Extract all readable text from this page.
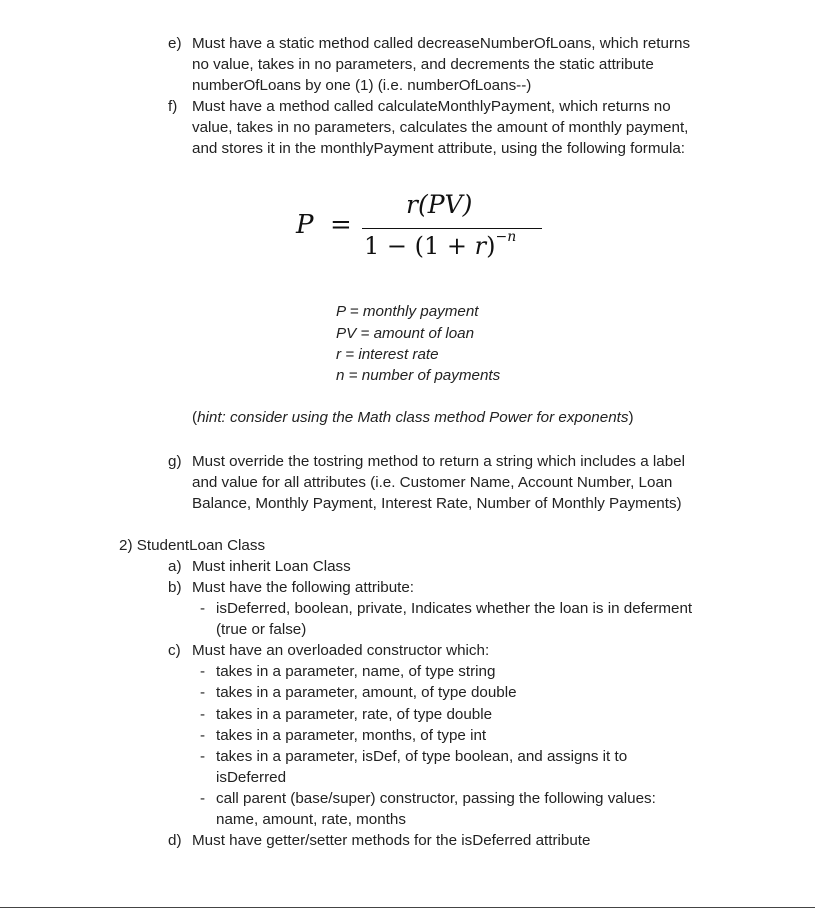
e) Must have a static method called decreaseNumberOfLoans, which returns
no value, takes in no parameters, and decrements the static attribute
numberOfLoans by one (1) (i.e. numberOfLoans--)
f) Must have a method called calculateMonthlyPayment, which returns no
value, takes in no parameters, calculates the amount of monthly payment,
and stores it in the monthlyPayment attribute, using the following formula:
P =
r(PV)
$1 - (1 + r)^{-n}$
P = monthly payment
PV = amount of loan
r = interest rate
n = number of payments
(hint: consider using the Math class method Power for exponents)
g) Must override the tostring method to return a string which includes a label
and value for all attributes (i.e. Customer Name, Account Number, Loan
Balance, Monthly Payment, Interest Rate, Number of Monthly Payments)
2) StudentLoan Class
a) Must inherit Loan Class
b) Must have the following attribute:
- isDeferred, boolean, private, Indicates whether the loan is in deferment
(true or false)
c) Must have an overloaded constructor which:
- takes in a parameter, name, of type string
- takes in a parameter, amount, of type double
- takes in a parameter, rate, of type double
- takes in a parameter, months, of type int
- takes in a parameter, isDef, of type boolean, and assigns it to
isDeferred
- call parent (base/super) constructor, passing the following values:
name, amount, rate, months
d) Must have getter/setter methods for the isDeferred attribute
